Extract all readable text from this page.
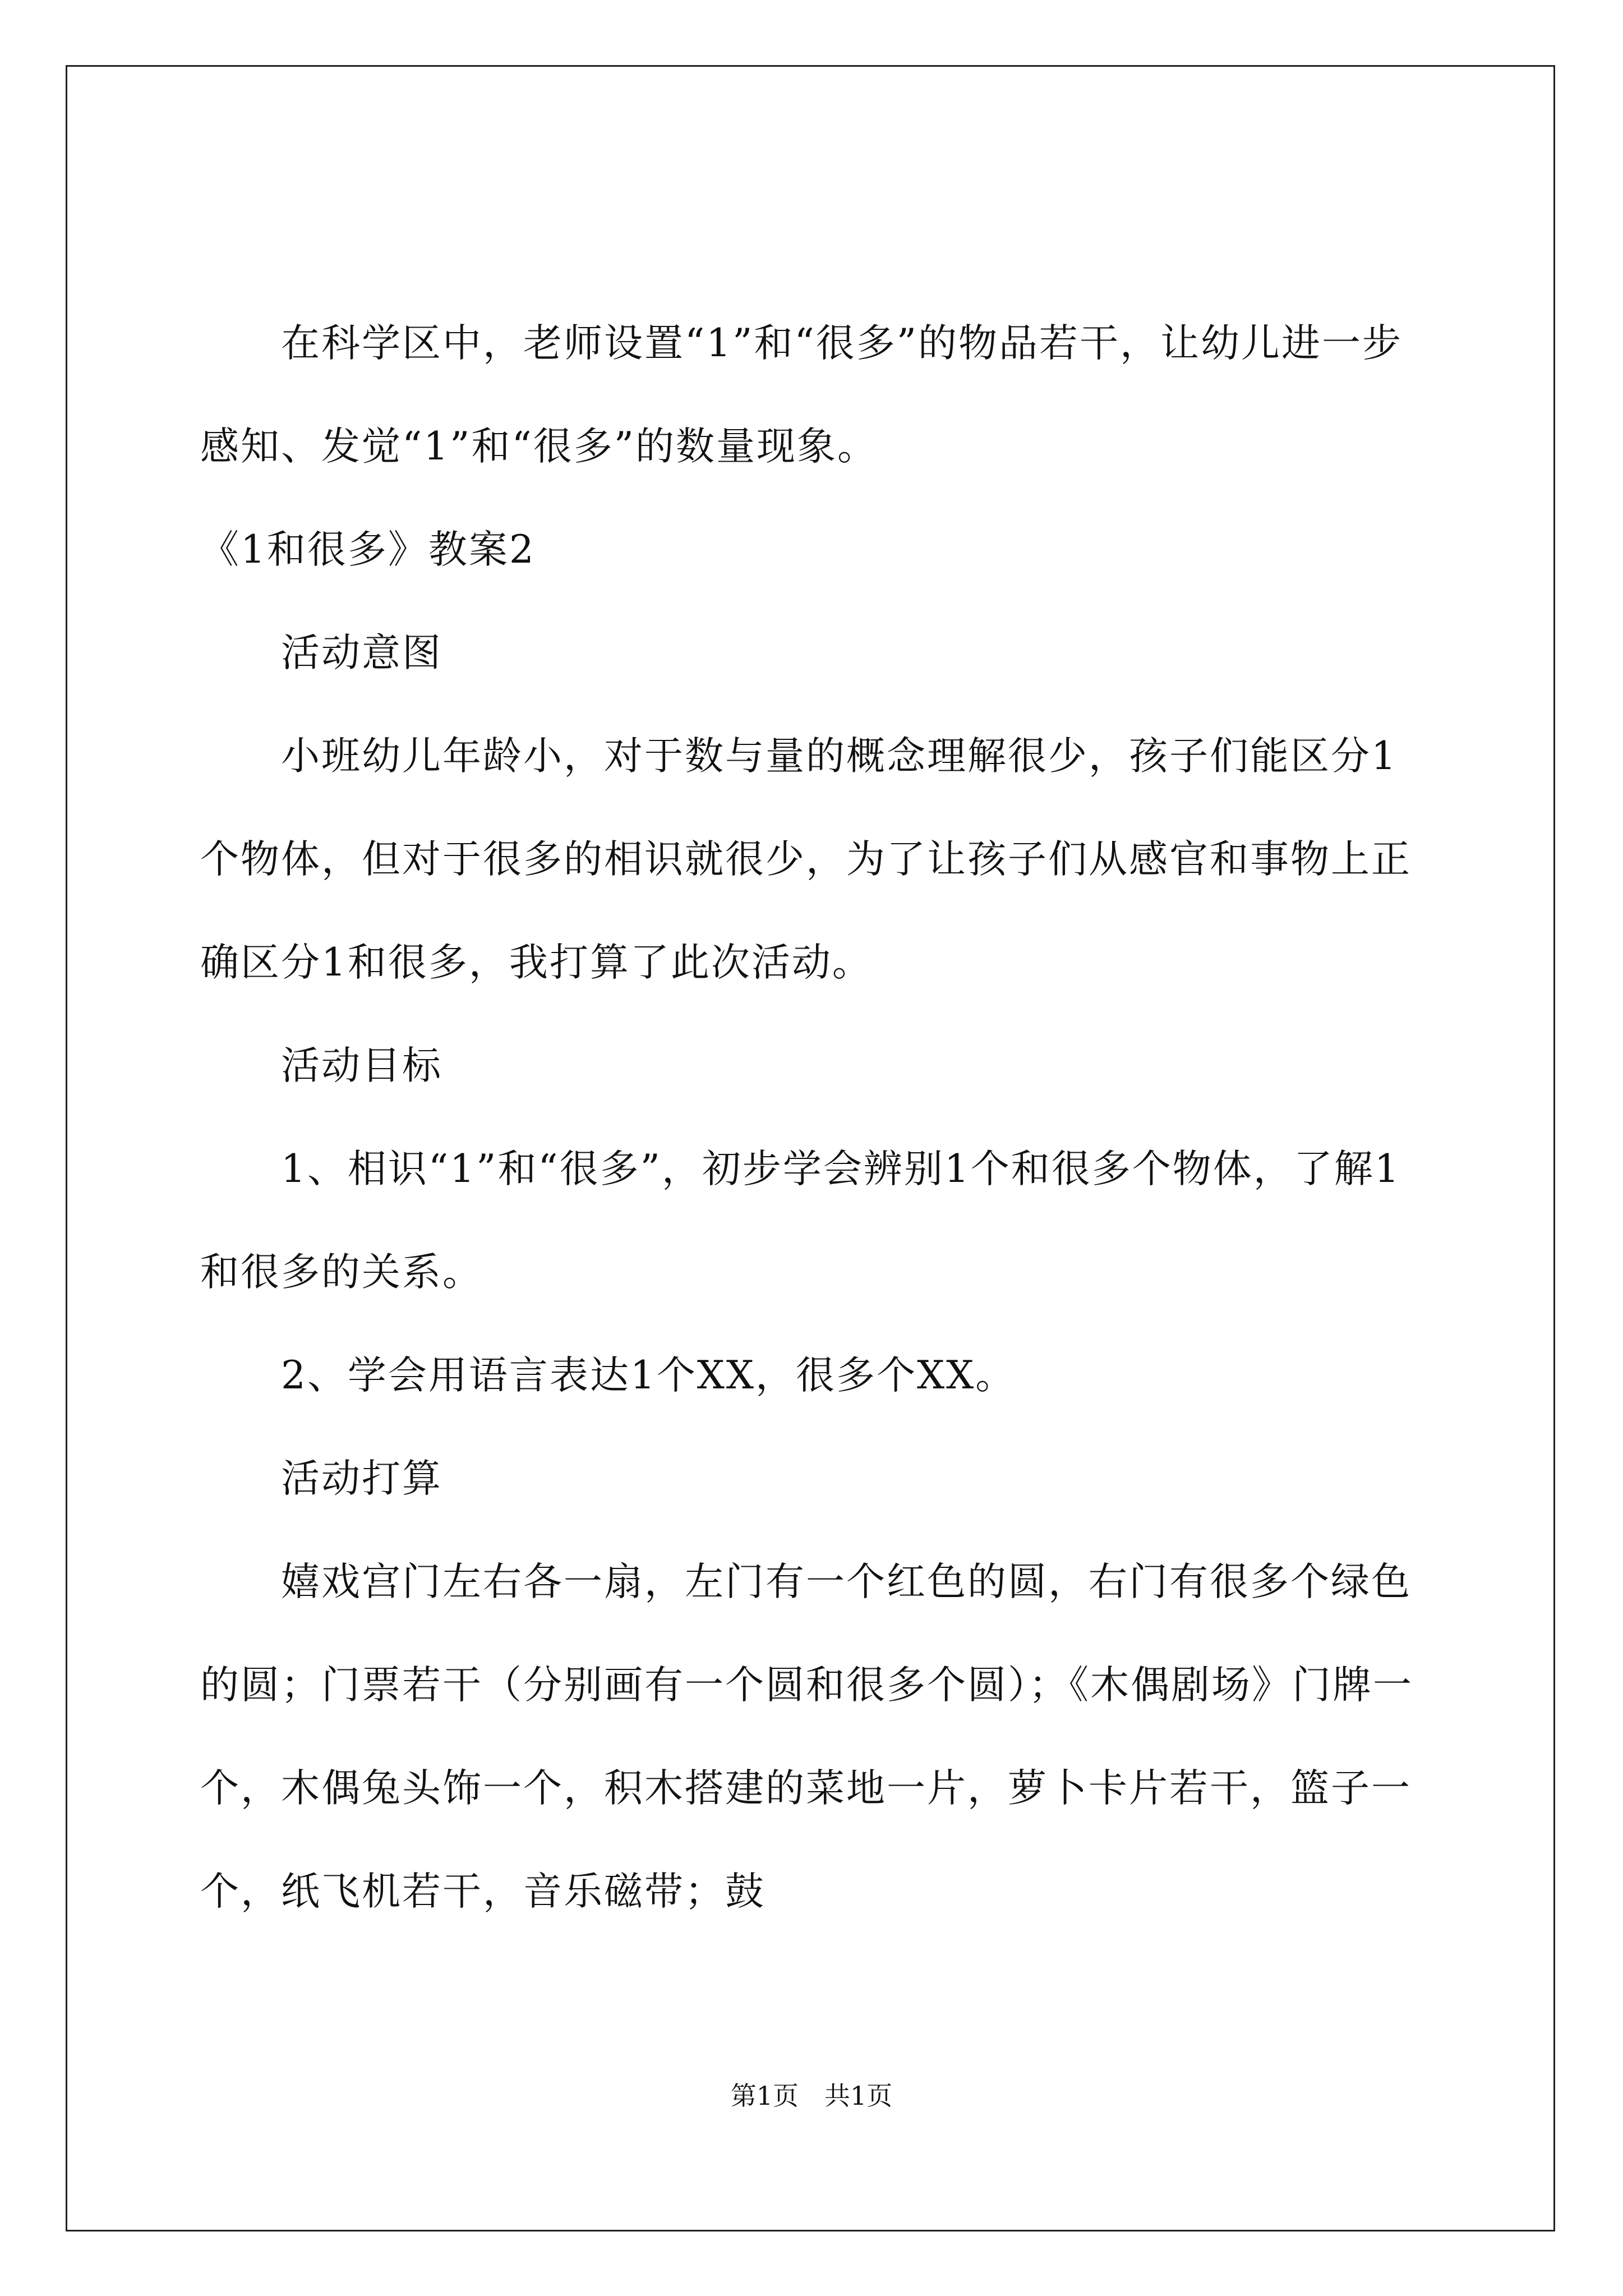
在科学区中，老师设置“1”和“很多”的物品若干，让幼儿进一步感知、发觉“1”和“很多”的数量现象。

《1和很多》教案2

活动意图

小班幼儿年龄小，对于数与量的概念理解很少，孩子们能区分1个物体，但对于很多的相识就很少，为了让孩子们从感官和事物上正确区分1和很多，我打算了此次活动。

活动目标

1、相识“1”和“很多”，初步学会辨别1个和很多个物体，了解1和很多的关系。

2、学会用语言表达1个XX，很多个XX。

活动打算

嬉戏宫门左右各一扇，左门有一个红色的圆，右门有很多个绿色的圆；门票若干（分别画有一个圆和很多个圆）；《木偶剧场》门牌一个，木偶兔头饰一个，积木搭建的菜地一片，萝卜卡片若干，篮子一个，纸飞机若干，音乐磁带；鼓

第1页　共1页
